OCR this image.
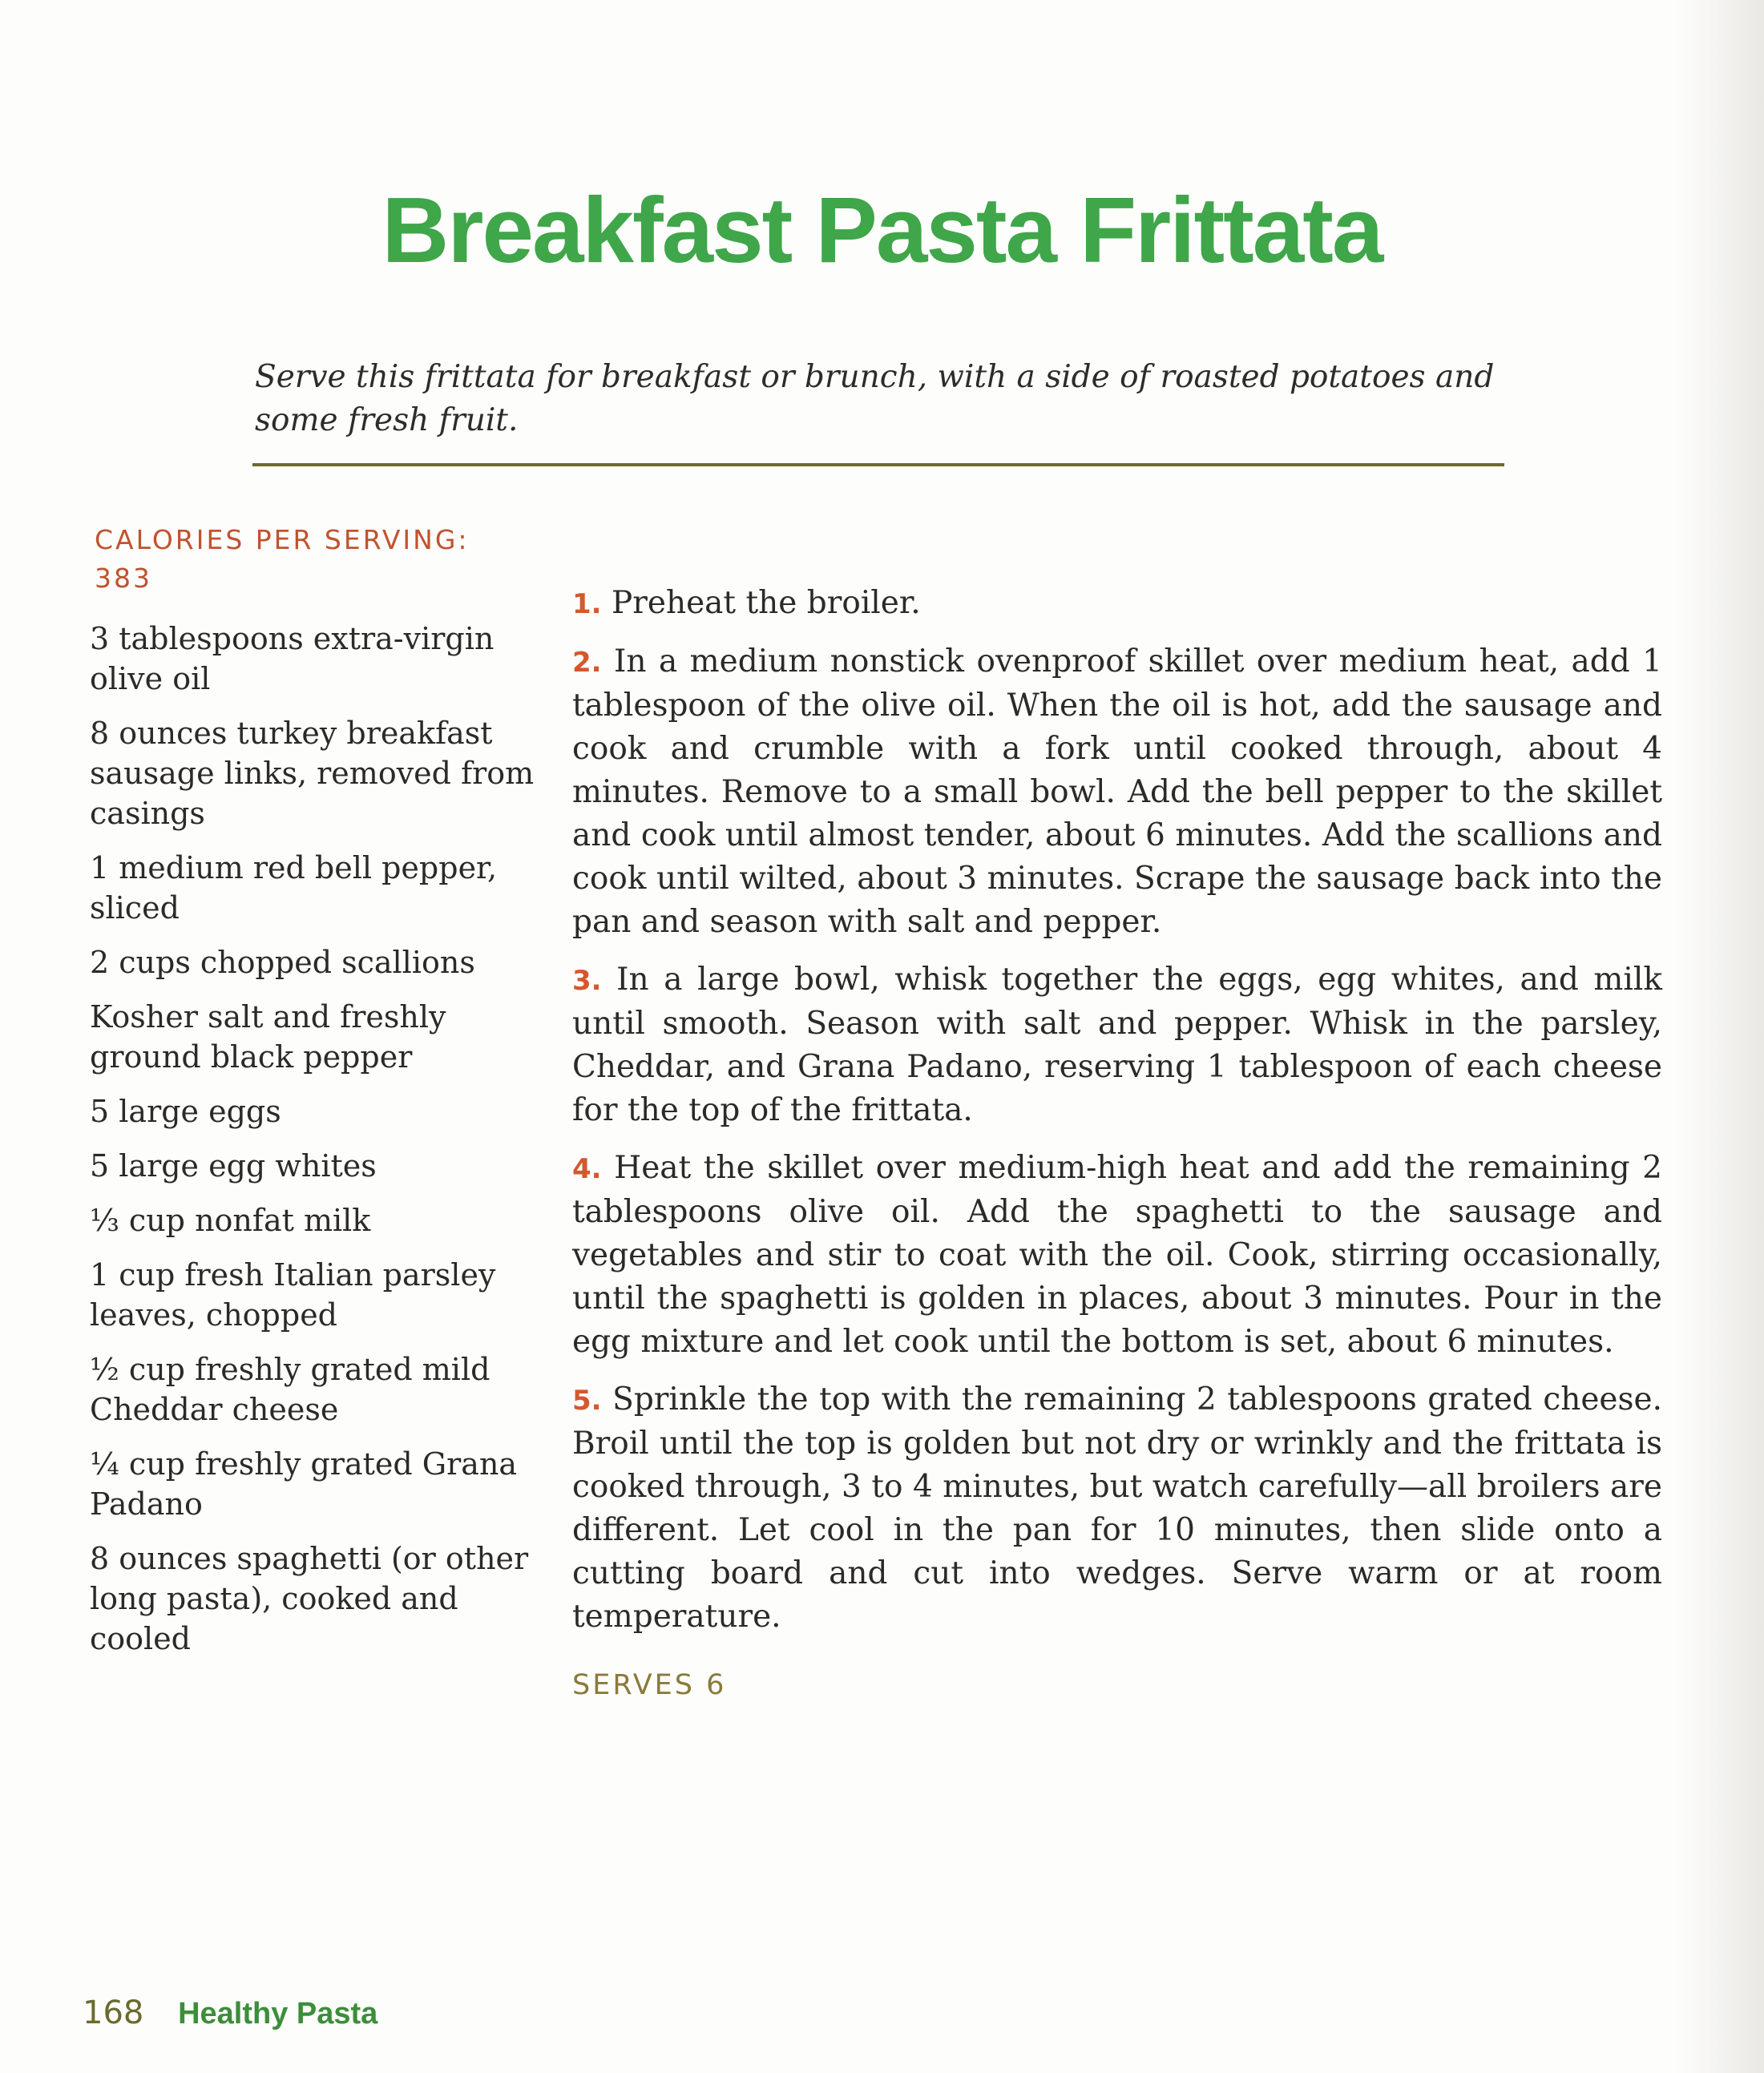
Breakfast Pasta Frittata
Serve this frittata for breakfast or brunch, with a side of roasted potatoes and some fresh fruit.
CALORIES PER SERVING:
383
3 tablespoons extra-virgin olive oil
8 ounces turkey breakfast sausage links, removed from casings
1 medium red bell pepper, sliced
2 cups chopped scallions
Kosher salt and freshly ground black pepper
5 large eggs
5 large egg whites
⅓ cup nonfat milk
1 cup fresh Italian parsley leaves, chopped
½ cup freshly grated mild Cheddar cheese
¼ cup freshly grated Grana Padano
8 ounces spaghetti (or other long pasta), cooked and cooled
1. Preheat the broiler.
2. In a medium nonstick ovenproof skillet over medium heat, add 1 tablespoon of the olive oil. When the oil is hot, add the sausage and cook and crumble with a fork until cooked through, about 4 minutes. Remove to a small bowl. Add the bell pepper to the skillet and cook until almost tender, about 6 minutes. Add the scallions and cook until wilted, about 3 minutes. Scrape the sausage back into the pan and season with salt and pepper.
3. In a large bowl, whisk together the eggs, egg whites, and milk until smooth. Season with salt and pepper. Whisk in the parsley, Cheddar, and Grana Padano, reserving 1 tablespoon of each cheese for the top of the frittata.
4. Heat the skillet over medium-high heat and add the remaining 2 tablespoons olive oil. Add the spaghetti to the sausage and vegetables and stir to coat with the oil. Cook, stirring occasionally, until the spaghetti is golden in places, about 3 minutes. Pour in the egg mixture and let cook until the bottom is set, about 6 minutes.
5. Sprinkle the top with the remaining 2 tablespoons grated cheese. Broil until the top is golden but not dry or wrinkly and the frittata is cooked through, 3 to 4 minutes, but watch carefully—all broilers are different. Let cool in the pan for 10 minutes, then slide onto a cutting board and cut into wedges. Serve warm or at room temperature.
SERVES 6
168 Healthy Pasta
